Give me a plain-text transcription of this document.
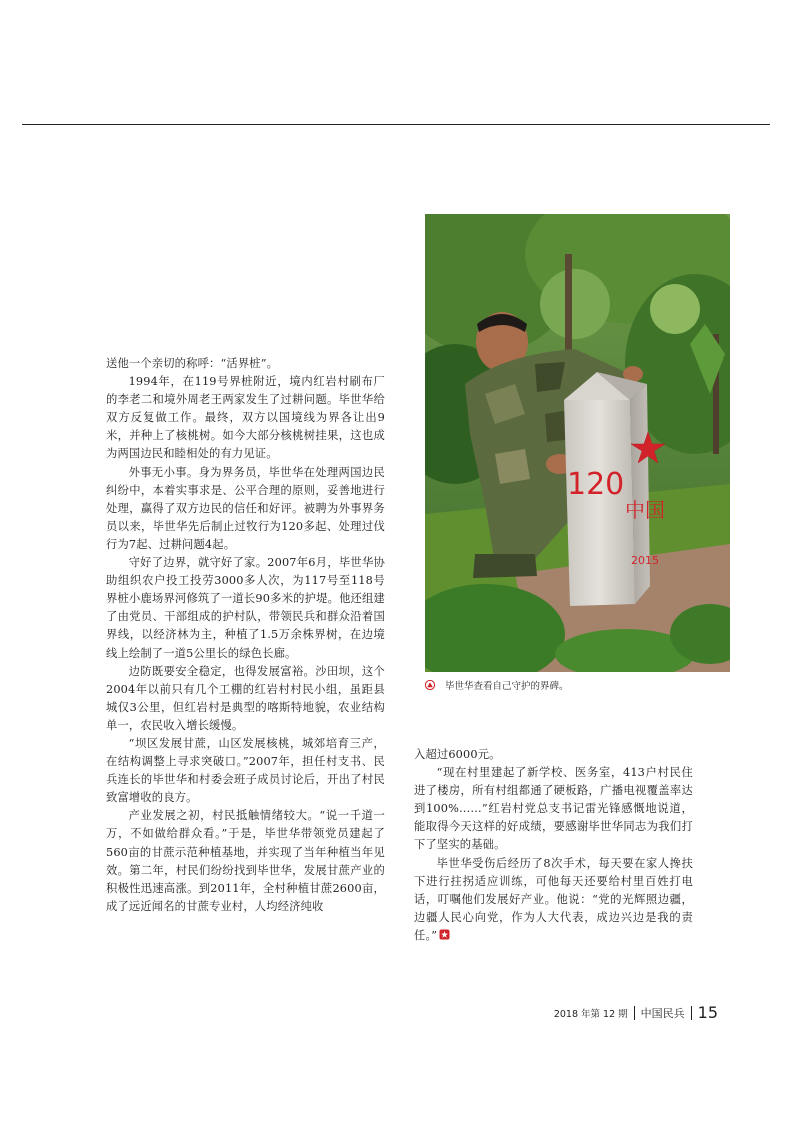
送他一个亲切的称呼：“活界桩”。

1994年，在119号界桩附近，境内红岩村刷布厂的李老二和境外周老王两家发生了过耕问题。毕世华给双方反复做工作。最终，双方以国境线为界各让出9米，并种上了核桃树。如今大部分核桃树挂果，这也成为两国边民和睦相处的有力见证。

外事无小事。身为界务员，毕世华在处理两国边民纠纷中，本着实事求是、公平合理的原则，妥善地进行处理，赢得了双方边民的信任和好评。被聘为外事界务员以来，毕世华先后制止过牧行为120多起、处理过伐行为7起、过耕问题4起。

守好了边界，就守好了家。2007年6月，毕世华协助组织农户投工投劳3000多人次，为117号至118号界桩小鹿场界河修筑了一道长90多米的护堤。他还组建了由党员、干部组成的护村队，带领民兵和群众沿着国界线，以经济林为主，种植了1.5万余株界树，在边境线上绘制了一道5公里长的绿色长廊。

边防既要安全稳定，也得发展富裕。沙田坝，这个2004年以前只有几个工棚的红岩村村民小组，虽距县城仅3公里，但红岩村是典型的喀斯特地貌，农业结构单一，农民收入增长缓慢。

“坝区发展甘蔗，山区发展核桃，城郊培育三产，在结构调整上寻求突破口。”2007年，担任村支书、民兵连长的毕世华和村委会班子成员讨论后，开出了村民致富增收的良方。

产业发展之初，村民抵触情绪较大。“说一千道一万，不如做给群众看。”于是，毕世华带领党员建起了560亩的甘蔗示范种植基地，并实现了当年种植当年见效。第二年，村民们纷纷找到毕世华，发展甘蔗产业的积极性迅速高涨。到2011年，全村种植甘蔗2600亩，成了远近闻名的甘蔗专业村，人均经济纯收

120
中国
2015
毕世华查看自己守护的界碑。

入超过6000元。

“现在村里建起了新学校、医务室，413户村民住进了楼房，所有村组都通了硬板路，广播电视覆盖率达到100%……”红岩村党总支书记雷光锋感慨地说道，能取得今天这样的好成绩，要感谢毕世华同志为我们打下了坚实的基础。

毕世华受伤后经历了8次手术，每天要在家人搀扶下进行拄拐适应训练，可他每天还要给村里百姓打电话，叮嘱他们发展好产业。他说：“党的光辉照边疆，边疆人民心向党，作为人大代表，成边兴边是我的责任。”

2018 年第 12 期 中国民兵 15
